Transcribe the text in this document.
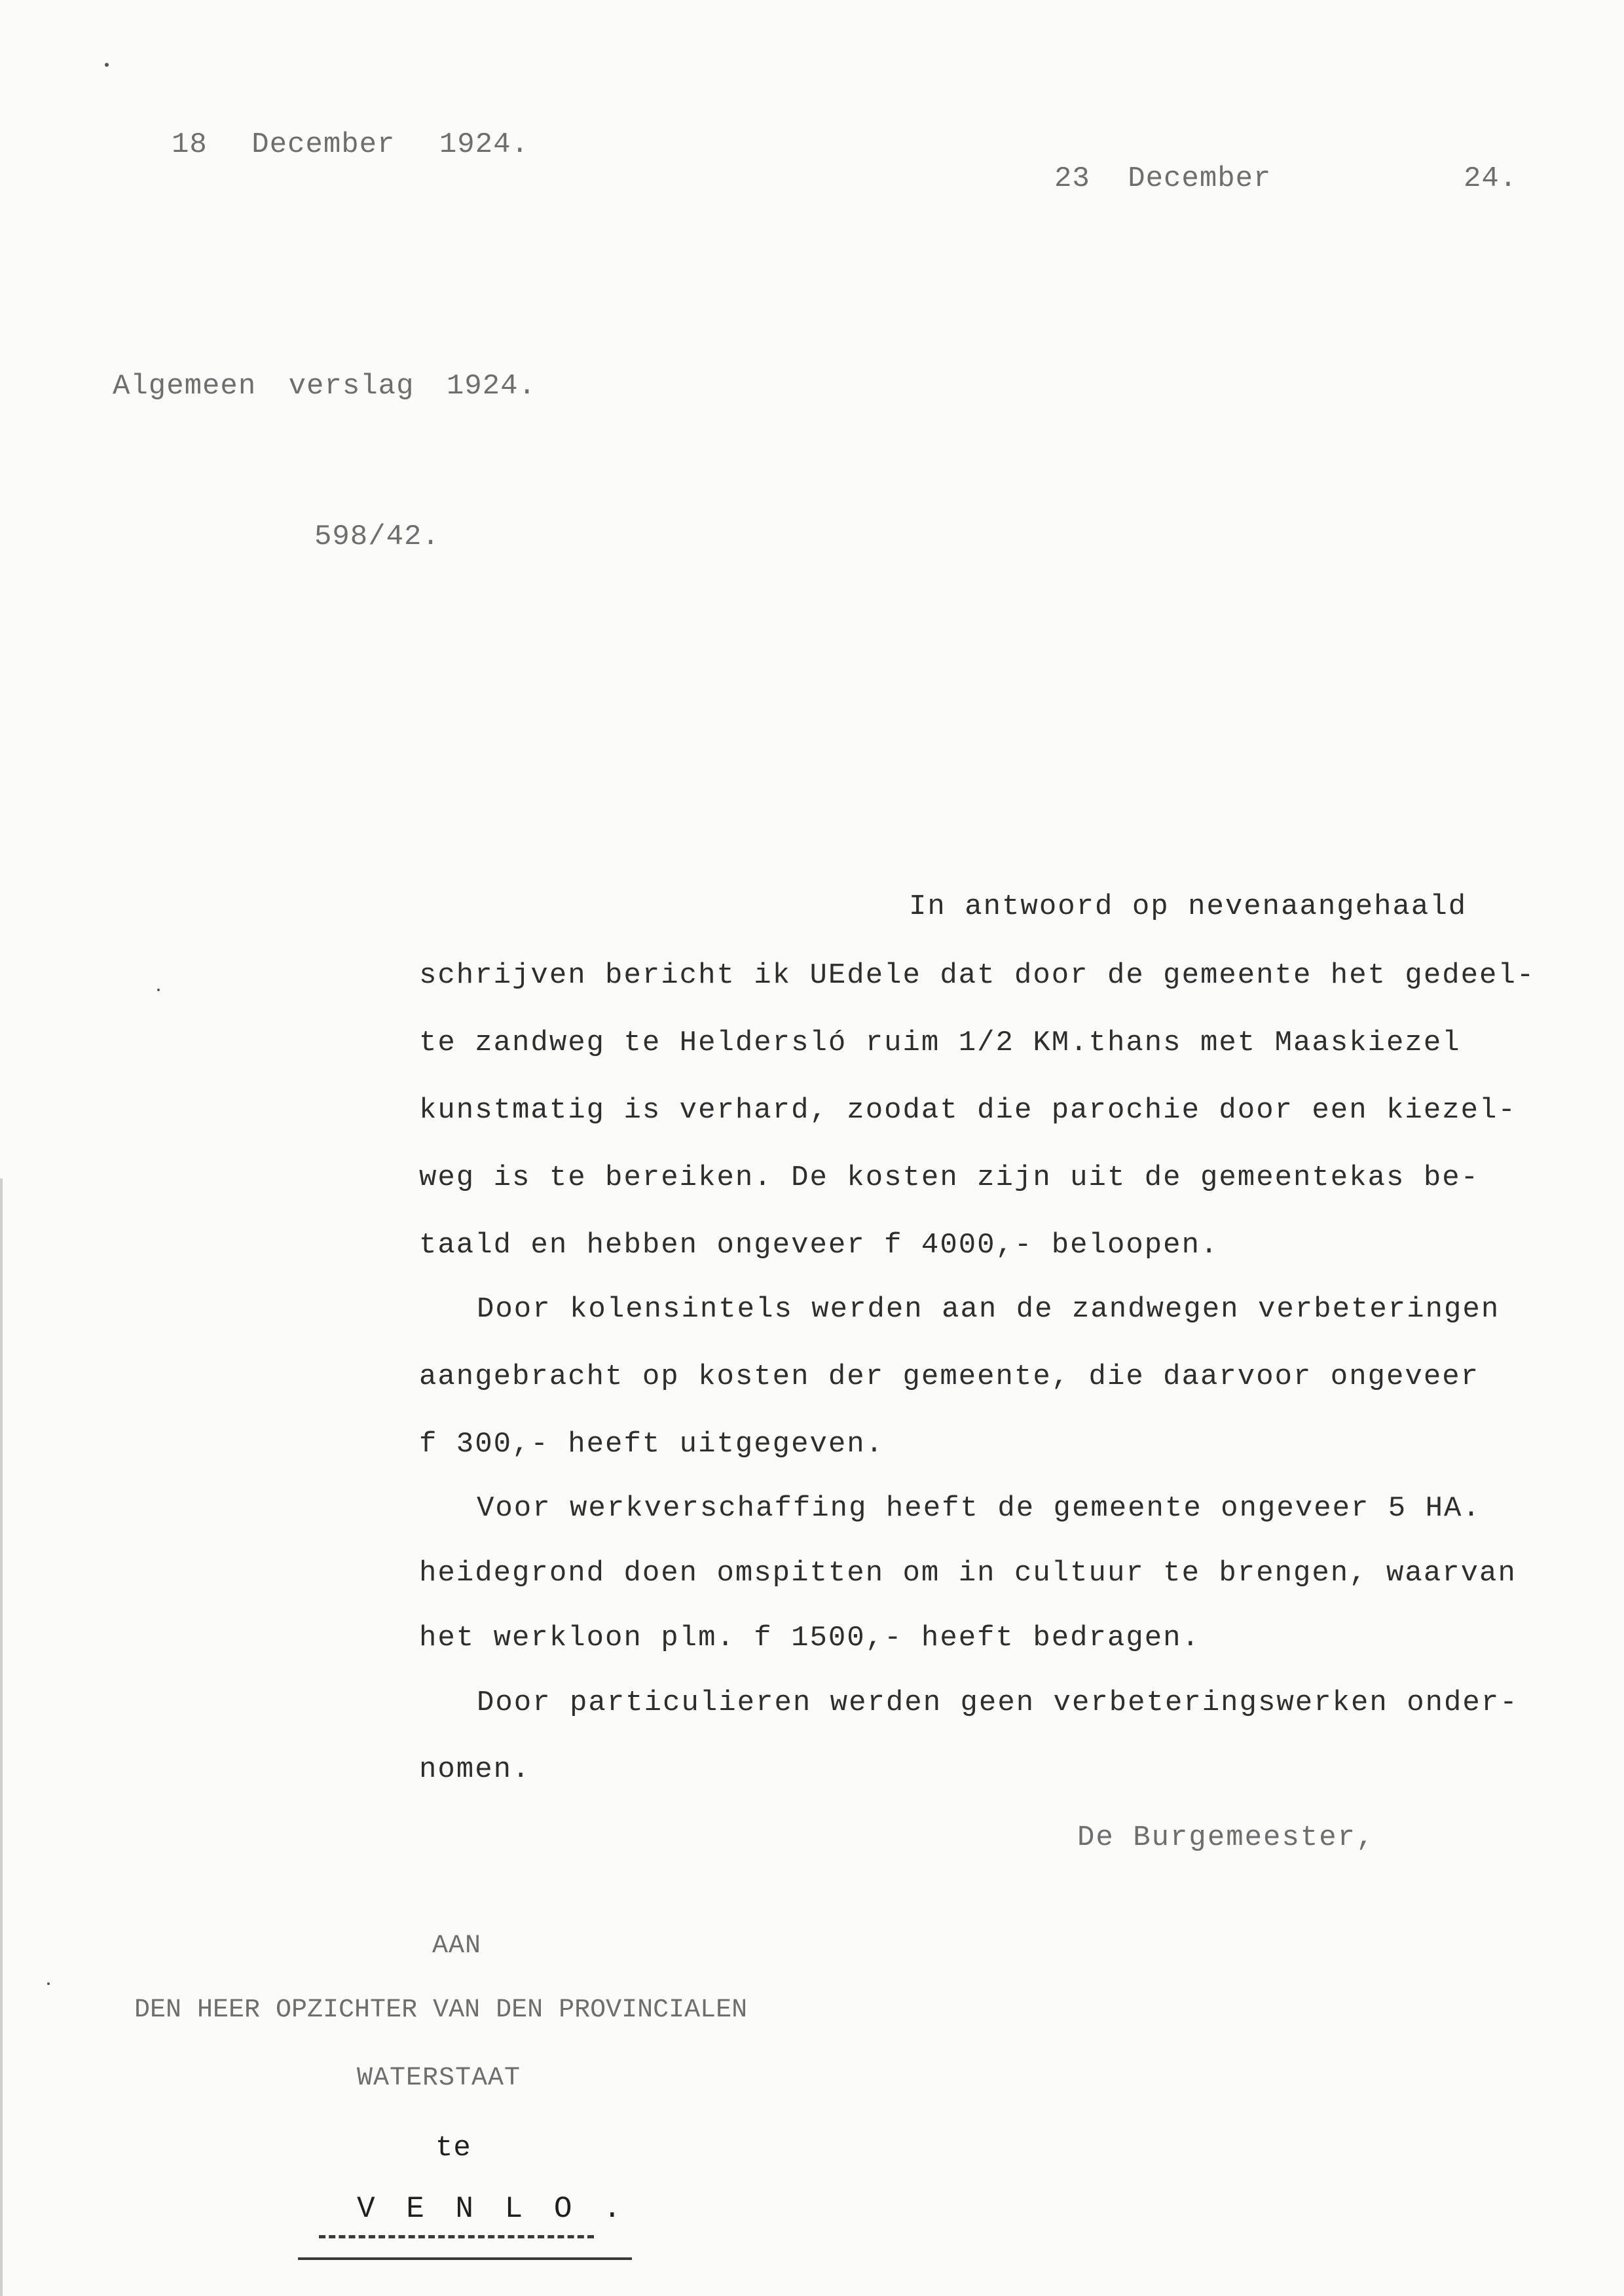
18 December 1924.
23 December	24.
Algemeen verslag 1924.
598/42.
In antwoord op nevenaangehaald
schrijven bericht ik UEdele dat door de gemeente het gedeel-
te zandweg te Heldersló ruim 1/2 KM.thans met Maaskiezel
kunstmatig is verhard, zoodat die parochie door een kiezel-
weg is te bereiken. De kosten zijn uit de gemeentekas be-
taald en hebben ongeveer f 4000,- beloopen.
Door kolensintels werden aan de zandwegen verbeteringen
aangebracht op kosten der gemeente, die daarvoor ongeveer
f 300,- heeft uitgegeven.
Voor werkverschaffing heeft de gemeente ongeveer 5 HA.
heidegrond doen omspitten om in cultuur te brengen, waarvan
het werkloon plm. f 1500,- heeft bedragen.
Door particulieren werden geen verbeteringswerken onder-
nomen.
De Burgemeester,
AAN
DEN HEER OPZICHTER VAN DEN PROVINCIALEN
WATERSTAAT
te
V E N L O .
